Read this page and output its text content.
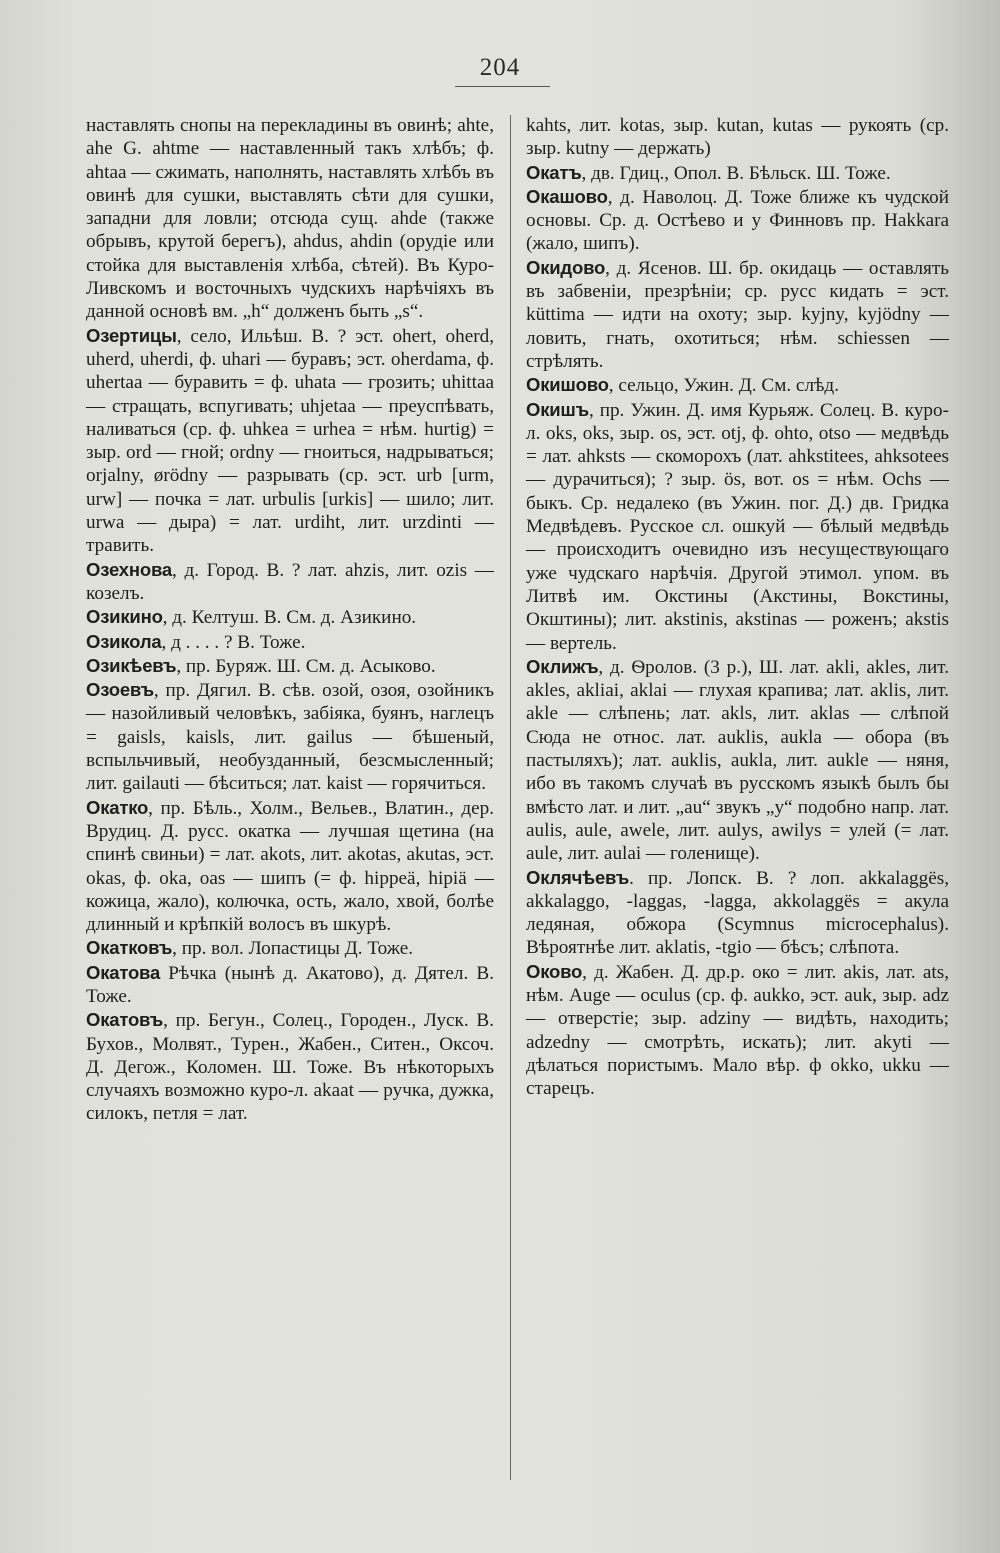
204

наставлять снопы на перекладины въ овинѣ; ahte, ahe G. ahtme — наставленный такъ хлѣбъ; ф. ahtaa — сжимать, наполнять, наставлять хлѣбъ въ овинѣ для сушки, выставлять сѣти для сушки, западни для ловли; отсюда сущ. ahde (также обрывъ, крутой берегъ), ahdus, ahdin (орудіе или стойка для выставленія хлѣба, сѣтей). Въ Куро-Ливскомъ и восточныхъ чудскихъ нарѣчіяхъ въ данной основѣ вм. „h“ долженъ быть „s“.

Озертицы, село, Ильѣш. В. ? эст. ohert, oherd, uherd, uherdi, ф. uhari — буравъ; эст. oherdama, ф. uhertaa — буравить = ф. uhata — грозить; uhittaa — стращать, вспугивать; uhjetaa — преуспѣвать, наливаться (ср. ф. uhkea = urhea = нѣм. hurtig) = зыр. ord — гной; ordny — гноиться, надрываться; orjalny, ørödny — разрывать (ср. эст. urb [urm, urw] — почка = лат. urbulis [urkis] — шило; лит. urwa — дыра) = лат. urdiht, лит. urzdinti — травить.

Озехнова, д. Город. В. ? лат. ahzis, лит. ozis — козелъ.

Озикино, д. Келтуш. В. См. д. Азикино.

Озикола, д . . . . ? В. Тоже.

Озикѣевъ, пр. Буряж. Ш. См. д. Асыково.

Озоевъ, пр. Дягил. В. сѣв. озой, озоя, озойникъ — назойливый человѣкъ, забіяка, буянъ, наглецъ = gaisls, kaisls, лит. gailus — бѣшеный, вспыльчивый, необузданный, безсмысленный; лит. gailauti — бѣситься; лат. kaist — горячиться.

Окатко, пр. Бѣль., Холм., Вельев., Влатин., дер. Врудиц. Д. русс. окатка — лучшая щетина (на спинѣ свиньи) = лат. akots, лит. akotas, akutas, эст. okas, ф. oka, oas — шипъ (= ф. hippeä, hipiä — кожица, жало), колючка, ость, жало, хвой, болѣе длинный и крѣпкій волосъ въ шкурѣ.

Окатковъ, пр. вол. Лопастицы Д. Тоже.

Окатова Рѣчка (нынѣ д. Акатово), д. Дятел. В. Тоже.

Окатовъ, пр. Бегун., Солец., Городен., Луск. В. Бухов., Молвят., Турен., Жабен., Ситен., Оксоч. Д. Дегож., Коломен. Ш. Тоже. Въ нѣкоторыхъ случаяхъ возможно куро-л. akaat — ручка, дужка, силокъ, петля = лат.

kahts, лит. kotas, зыр. kutan, kutas — рукоять (ср. зыр. kutny — держать)

Окатъ, дв. Гдиц., Опол. В. Бѣльск. Ш. Тоже.

Окашово, д. Наволоц. Д. Тоже ближе къ чудской основы. Ср. д. Остѣево и у Финновъ пр. Hakkara (жало, шипъ).

Окидово, д. Ясенов. Ш. бр. окидаць — оставлять въ забвеніи, презрѣніи; ср. русс кидать = эст. küttima — идти на охоту; зыр. kyjny, kyjödny — ловить, гнать, охотиться; нѣм. schiessen — стрѣлять.

Окишово, сельцо, Ужин. Д. См. слѣд.

Окишъ, пр. Ужин. Д. имя Курьяж. Солец. В. куро-л. oks, oks, зыр. os, эст. otj, ф. ohto, otso — медвѣдь = лат. ahksts — скоморохъ (лат. ahkstitees, ahksotees — дурачиться); ? зыр. ös, вот. os = нѣм. Ochs — быкъ. Ср. недалеко (въ Ужин. пог. Д.) дв. Гридка Медвѣдевъ. Русское сл. ошкуй — бѣлый медвѣдь — происходитъ очевидно изъ несуществующаго уже чудскаго нарѣчія. Другой этимол. упом. въ Литвѣ им. Окстины (Акстины, Вокстины, Окштины); лит. akstinis, akstinas — роженъ; akstis — вертель.

Оклижъ, д. Ѳролов. (3 р.), Ш. лат. akli, akles, лит. akles, akliai, aklai — глухая крапива; лат. aklis, лит. akle — слѣпень; лат. akls, лит. aklas — слѣпой Сюда не относ. лат. auklis, aukla — обора (въ пастыляхъ); лат. auklis, aukla, лит. aukle — няня, ибо въ такомъ случаѣ въ русскомъ языкѣ былъ бы вмѣсто лат. и лит. „au“ звукъ „у“ подобно напр. лат. aulis, aule, awele, лит. aulys, awilys = улей (= лат. aule, лит. aulai — голенище).

Оклячѣевъ. пр. Лопск. В. ? лоп. akkalaggës, akkalaggo, -laggas, -lagga, akkolaggës = акула ледяная, обжора (Scymnus microcephalus). Вѣроятнѣе лит. aklatis, -tgio — бѣсъ; слѣпота.

Оково, д. Жабен. Д. др.р. око = лит. akis, лат. ats, нѣм. Auge — oculus (ср. ф. aukko, эст. auk, зыр. adz — отверстіе; зыр. adziny — видѣть, находить; adzedny — смотрѣть, искать); лит. akyti — дѣлаться пористымъ. Мало вѣр. ф okko, ukku — старецъ.
